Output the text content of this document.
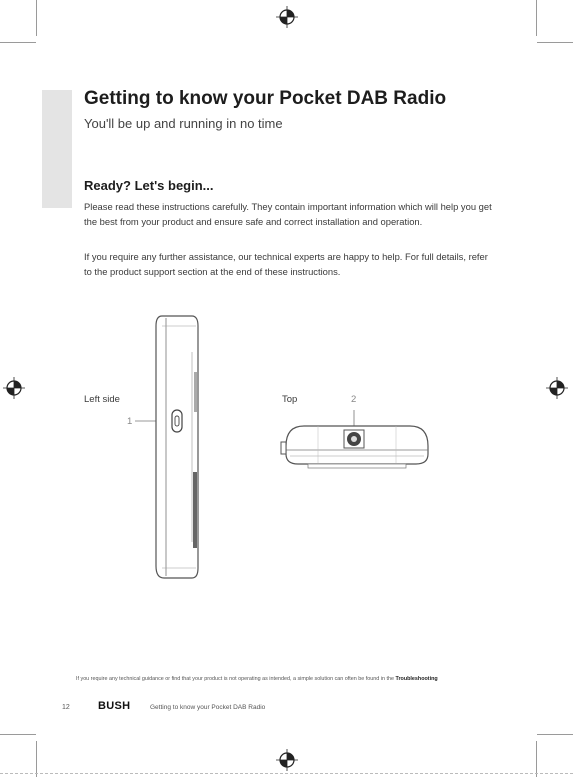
Getting to know your Pocket DAB Radio
You'll be up and running in no time
Ready? Let's begin...
Please read these instructions carefully. They contain important information which will help you get the best from your product and ensure safe and correct installation and operation.
If you require any further assistance, our technical experts are happy to help. For full details, refer to the product support section at the end of these instructions.
Left side	Top
1
2
If you require any technical guidance or find that your product is not operating as intended, a simple solution can often be found in the Troubleshooting
12	BUSH	Getting to know your Pocket DAB Radio
